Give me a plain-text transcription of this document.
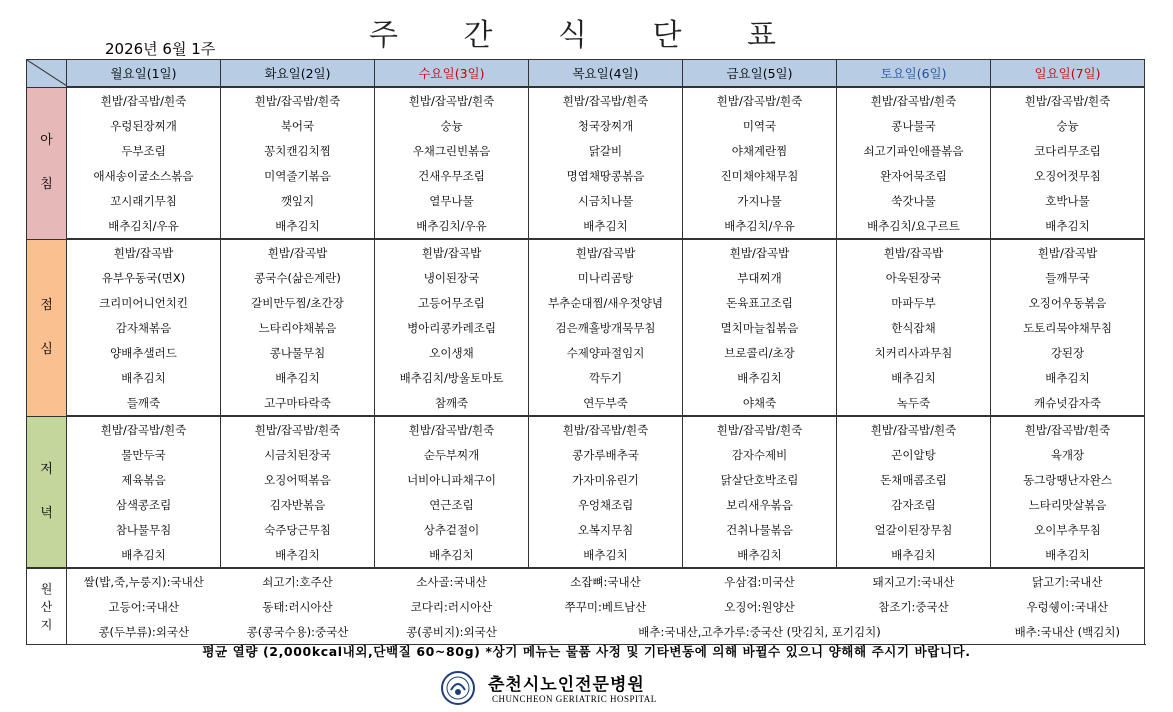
주 간 식 단 표
2026년 6월 1주
	월요일(1일)	화요일(2일)	수요일(3일)	목요일(4일)	금요일(5일)	토요일(6일)	일요일(7일)

아
침	흰밥/잡곡밥/흰죽	흰밥/잡곡밥/흰죽	흰밥/잡곡밥/흰죽	흰밥/잡곡밥/흰죽	흰밥/잡곡밥/흰죽	흰밥/잡곡밥/흰죽	흰밥/잡곡밥/흰죽
	우렁된장찌개	북어국	숭늉	청국장찌개	미역국	콩나물국	숭늉
	두부조림	꽁치캔김치찜	우채그린빈볶음	닭갈비	야채계란찜	쇠고기파인애플볶음	코다리무조림
	애새송이굴소스볶음	미역줄기볶음	건새우무조림	명엽채땅콩볶음	진미채야채무침	완자어묵조림	오징어젓무침
	꼬시래기무침	깻잎지	열무나물	시금치나물	가지나물	쑥갓나물	호박나물
	배추김치/우유	배추김치	배추김치/우유	배추김치	배추김치/우유	배추김치/요구르트	배추김치

점
심	흰밥/잡곡밥	흰밥/잡곡밥	흰밥/잡곡밥	흰밥/잡곡밥	흰밥/잡곡밥	흰밥/잡곡밥	흰밥/잡곡밥
	유부우동국(면X)	콩국수(삶은계란)	냉이된장국	미나리곰탕	부대찌개	아욱된장국	들깨무국
	크리미어니언치킨	갈비만두찜/초간장	고등어무조림	부추순대찜/새우젓양념	돈육표고조림	마파두부	오징어우동볶음
	감자채볶음	느타리야채볶음	병아리콩카레조림	검은깨흘방개묵무침	멸치마늘칩볶음	한식잡채	도토리묵야채무침
	양배추샐러드	콩나물무침	오이생채	수제양파절임지	브로콜리/초장	치커리사과무침	강된장
	배추김치	배추김치	배추김치/방울토마토	깍두기	배추김치	배추김치	배추김치
	들깨죽	고구마타락죽	참깨죽	연두부죽	야채죽	녹두죽	캐슈넛감자죽

저
녁	흰밥/잡곡밥/흰죽	흰밥/잡곡밥/흰죽	흰밥/잡곡밥/흰죽	흰밥/잡곡밥/흰죽	흰밥/잡곡밥/흰죽	흰밥/잡곡밥/흰죽	흰밥/잡곡밥/흰죽
	물만두국	시금치된장국	순두부찌개	콩가루배추국	감자수제비	곤이알탕	육개장
	제육볶음	오징어떡볶음	너비아니파채구이	가자미유린기	닭살단호박조림	돈채매콤조림	동그랑땡난자완스
	삼색콩조림	김자반볶음	연근조림	우엉채조림	보리새우볶음	감자조림	느타리맛살볶음
	참나물무침	숙주당근무침	상추겉절이	오복지무침	건취나물볶음	얼갈이된장무침	오이부추무침
	배추김치	배추김치	배추김치	배추김치	배추김치	배추김치	배추김치

원
산
지	쌀(밥,죽,누룽지):국내산	쇠고기:호주산	소사골:국내산	소잡뼈:국내산	우삼겹:미국산	돼지고기:국내산	닭고기:국내산
	고등어:국내산	동태:러시아산	코다리:러시아산	쭈꾸미:베트남산	오징어:원양산	참조기:중국산	우렁쉥이:국내산
	콩(두부류):외국산	콩(콩국수용):중국산	콩(콩비지):외국산	배추:국내산,고추가루:중국산 (맛김치, 포기김치)			배추:국내산 (백김치)
평균 열량 (2,000kcal내외,단백질 60~80g) *상기 메뉴는 물품 사정 및 기타변동에 의해 바뀔수 있으니 양해해 주시기 바랍니다.
춘천시노인전문병원
CHUNCHEON GERIATRIC HOSPITAL
